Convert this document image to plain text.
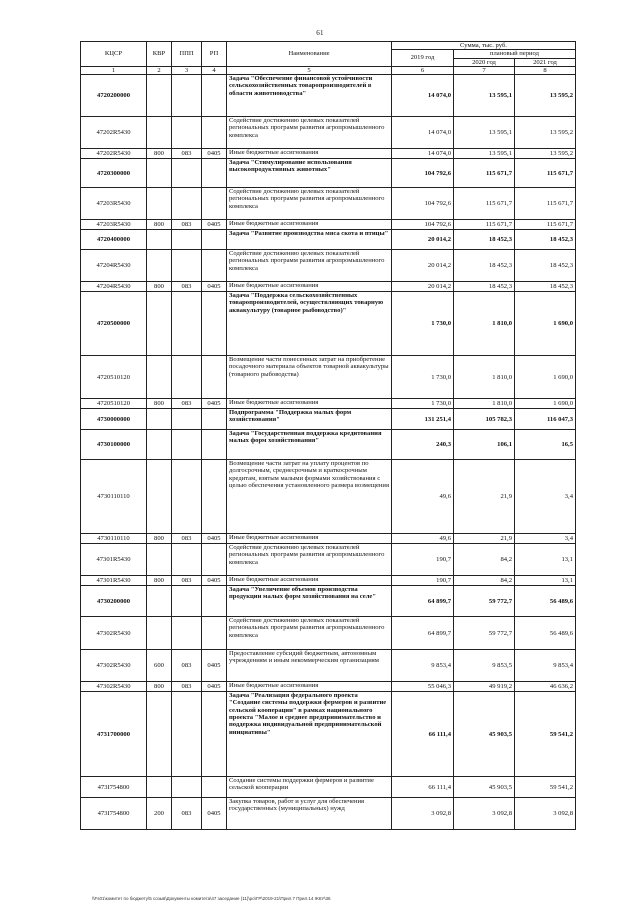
61
КЦСР	КВР	ППП	РП	Наименование	Сумма, тыс. руб.		
					2019 год	плановый период	
						2020 год	2021 год
1	2	3	4	5	6	7	8
4720200000				Задача "Обеспечение финансовой устойчивости сельскохозяйственных товаропроизводителей в области животноводства"	14 074,0	13 595,1	13 595,2
47202R5430				Содействие достижению целевых показателей региональных программ развития агропромышленного комплекса	14 074,0	13 595,1	13 595,2
47202R5430	800	083	0405	Иные бюджетные ассигнования	14 074,0	13 595,1	13 595,2
4720300000				Задача "Стимулирование использования высокопродуктивных животных"	104 792,6	115 671,7	115 671,7
47203R5430				Содействие достижению целевых показателей региональных программ развития агропромышленного комплекса	104 792,6	115 671,7	115 671,7
47203R5430	800	083	0405	Иные бюджетные ассигнования	104 792,6	115 671,7	115 671,7
4720400000				Задача "Развитие производства мяса скота и птицы"	20 014,2	18 452,3	18 452,3
47204R5430				Содействие достижению целевых показателей региональных программ развития агропромышленного комплекса	20 014,2	18 452,3	18 452,3
47204R5430	800	083	0405	Иные бюджетные ассигнования	20 014,2	18 452,3	18 452,3
4720500000				Задача "Поддержка сельскохозяйственных товаропроизводителей, осуществляющих товарную аквакультуру (товарное рыбоводство)"	1 730,0	1 810,0	1 690,0
4720510120				Возмещение части понесенных затрат на приобретение посадочного материала объектов товарной аквакультуры (товарного рыбоводства)	1 730,0	1 810,0	1 690,0
4720510120	800	083	0405	Иные бюджетные ассигнования	1 730,0	1 810,0	1 690,0
4730000000				Подпрограмма "Поддержка малых форм хозяйствования"	131 251,4	105 782,3	116 047,3
4730100000				Задача "Государственная поддержка кредитования малых форм хозяйствования"	240,3	106,1	16,5
4730110110				Возмещение части затрат на уплату процентов по долгосрочным, среднесрочным и краткосрочным кредитам, взятым малыми формами хозяйствования с целью обеспечения установленного размера возмещения	49,6	21,9	3,4
4730110110	800	083	0405	Иные бюджетные ассигнования	49,6	21,9	3,4
47301R5430				Содействие достижению целевых показателей региональных программ развития агропромышленного комплекса	190,7	84,2	13,1
47301R5430	800	083	0405	Иные бюджетные ассигнования	190,7	84,2	13,1
4730200000				Задача "Увеличение объемов производства продукции малых форм хозяйствования на селе"	64 899,7	59 772,7	56 489,6
47302R5430				Содействие достижению целевых показателей региональных программ развития агропромышленного комплекса	64 899,7	59 772,7	56 489,6
47302R5430	600	083	0405	Предоставление субсидий бюджетным, автономным учреждениям и иным некоммерческим организациям	9 853,4	9 853,5	9 853,4
47302R5430	800	083	0405	Иные бюджетные ассигнования	55 046,3	49 919,2	46 636,2
4731700000				Задача "Реализация федерального проекта "Создание системы поддержки фермеров и развитие сельской кооперации" в рамках национального проекта "Малое и среднее предпринимательство и поддержка индивидуальной предпринимательской инициативы"	66 111,4	45 903,5	59 541,2
473I754800				Создание системы поддержки фермеров и развитие сельской кооперации	66 111,4	45 903,5	59 541,2
473I754800	200	083	0405	Закупка товаров, работ и услуг для обеспечения государственных (муниципальных) нужд	3 092,8	3 092,8	3 092,8
\\Fs01\комитет по бюджету\5 созыв\Документы комитета\47 заседание (11)\ро\ГР\2019-21\Прил.7 Прил.14 ЖКУ\36
